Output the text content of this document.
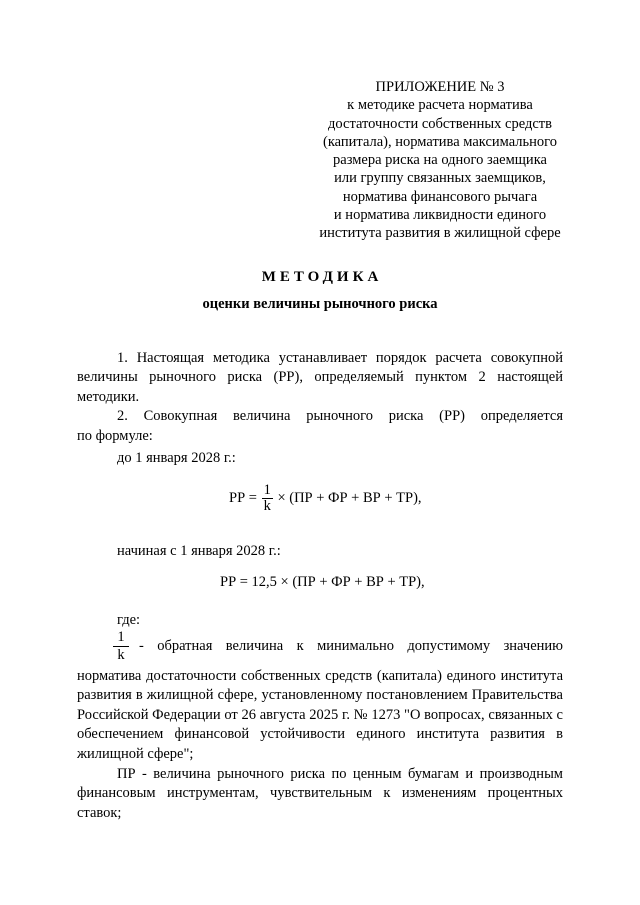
ПРИЛОЖЕНИЕ № 3
к методике расчета норматива
достаточности собственных средств
(капитала), норматива максимального
размера риска на одного заемщика
или группу связанных заемщиков,
норматива финансового рычага
и норматива ликвидности единого
института развития в жилищной сфере
МЕТОДИКА
оценки величины рыночного риска
1. Настоящая методика устанавливает порядок расчета совокупной величины рыночного риска (РР), определяемый пунктом 2 настоящей методики.
2. Совокупная величина рыночного риска (РР) определяется
по формуле:
до 1 января 2028 г.:
РР = $\frac{1}{k} \times (ПР$ + ФР + ВР + ТР),
начиная с 1 января 2028 г.:
РР = 12,5 × (ПР + ФР + ВР + ТР),
где:
$\frac{1}{k}$ - обратная величина к минимально допустимому значению
норматива достаточности собственных средств (капитала) единого института развития в жилищной сфере, установленному постановлением Правительства Российской Федерации от 26 августа 2025 г. № 1273 "О вопросах, связанных с обеспечением финансовой устойчивости единого института развития в жилищной сфере";
ПР - величина рыночного риска по ценным бумагам и производным финансовым инструментам, чувствительным к изменениям процентных ставок;
